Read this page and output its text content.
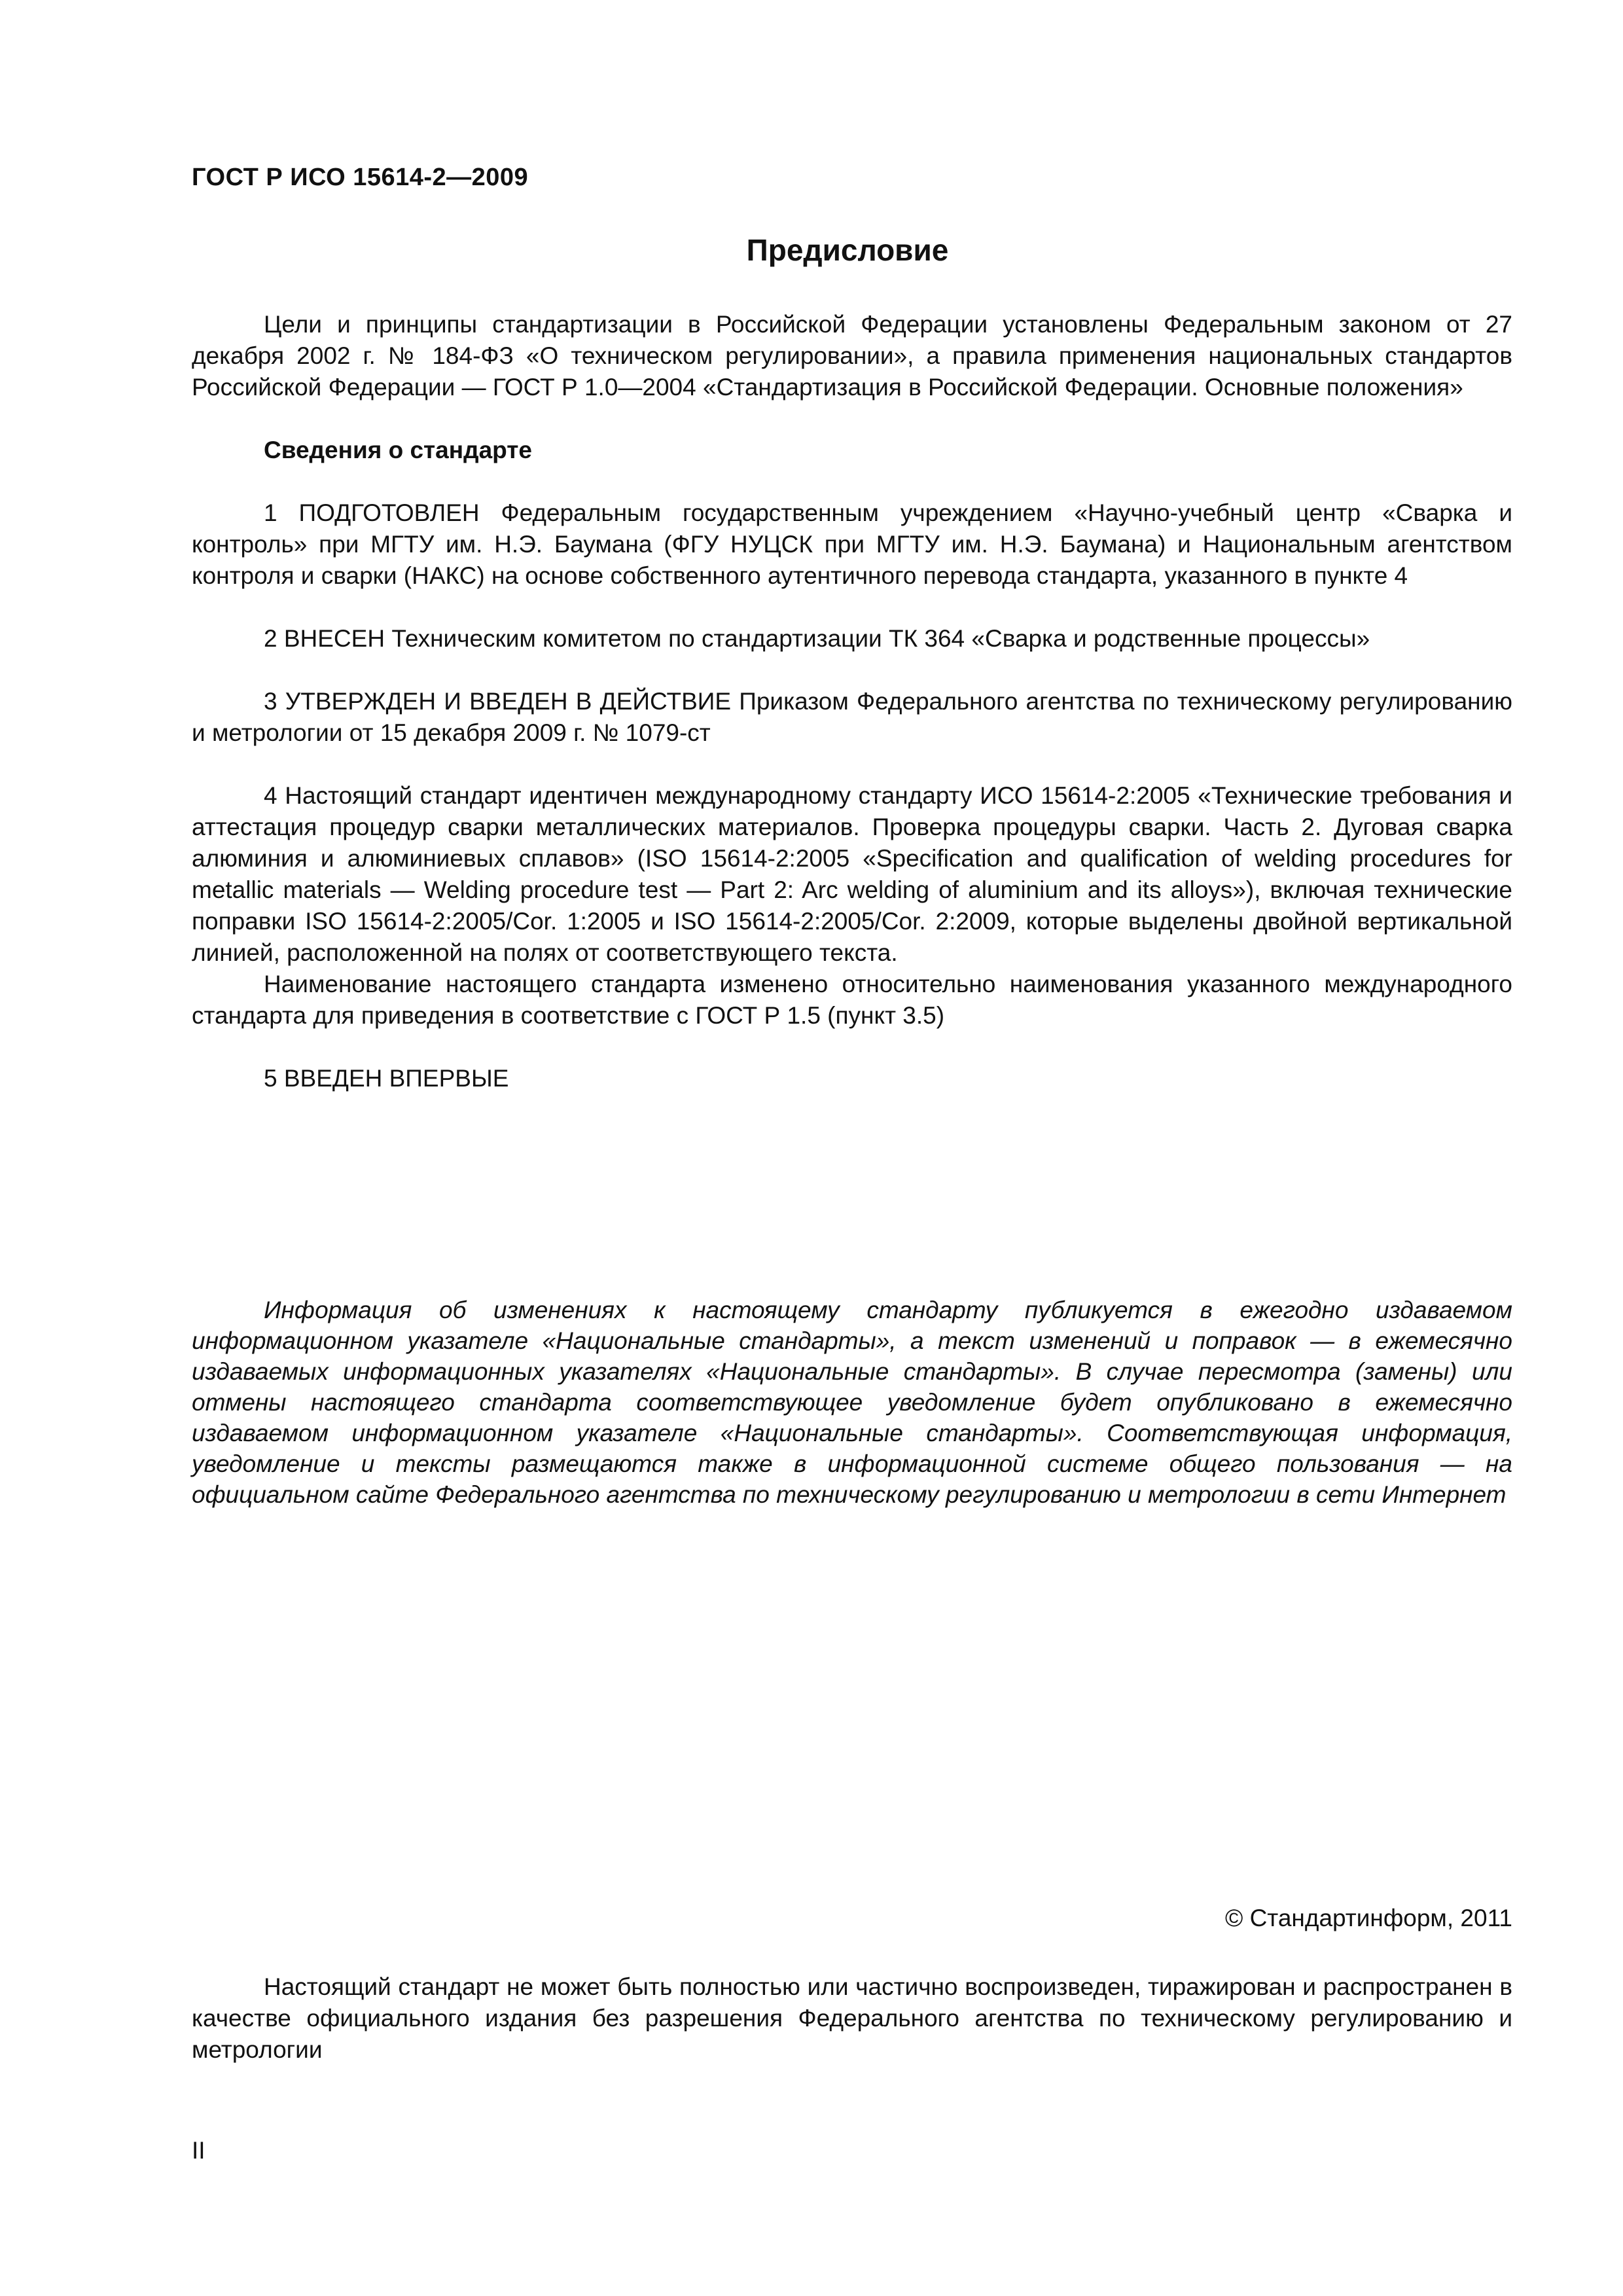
ГОСТ Р ИСО 15614-2—2009
Предисловие

Цели и принципы стандартизации в Российской Федерации установлены Федеральным законом от 27 декабря 2002 г. № 184-ФЗ «О техническом регулировании», а правила применения национальных стандартов Российской Федерации — ГОСТ Р 1.0—2004 «Стандартизация в Российской Федерации. Основные положения»

Сведения о стандарте

1 ПОДГОТОВЛЕН Федеральным государственным учреждением «Научно-учебный центр «Сварка и контроль» при МГТУ им. Н.Э. Баумана (ФГУ НУЦСК при МГТУ им. Н.Э. Баумана) и Национальным агентством контроля и сварки (НАКС) на основе собственного аутентичного перевода стандарта, указанного в пункте 4

2 ВНЕСЕН Техническим комитетом по стандартизации ТК 364 «Сварка и родственные процессы»

3 УТВЕРЖДЕН И ВВЕДЕН В ДЕЙСТВИЕ Приказом Федерального агентства по техническому регулированию и метрологии от 15 декабря 2009 г. № 1079-ст

4 Настоящий стандарт идентичен международному стандарту ИСО 15614-2:2005 «Технические требования и аттестация процедур сварки металлических материалов. Проверка процедуры сварки. Часть 2. Дуговая сварка алюминия и алюминиевых сплавов» (ISO 15614-2:2005 «Specification and qualification of welding procedures for metallic materials — Welding procedure test — Part 2: Arc welding of aluminium and its alloys»), включая технические поправки ISO 15614-2:2005/Cor. 1:2005 и ISO 15614-2:2005/Cor. 2:2009, которые выделены двойной вертикальной линией, расположенной на полях от соответствующего текста.

Наименование настоящего стандарта изменено относительно наименования указанного международного стандарта для приведения в соответствие с ГОСТ Р 1.5 (пункт 3.5)

5 ВВЕДЕН ВПЕРВЫЕ

Информация об изменениях к настоящему стандарту публикуется в ежегодно издаваемом информационном указателе «Национальные стандарты», а текст изменений и поправок — в ежемесячно издаваемых информационных указателях «Национальные стандарты». В случае пересмотра (замены) или отмены настоящего стандарта соответствующее уведомление будет опубликовано в ежемесячно издаваемом информационном указателе «Национальные стандарты». Соответствующая информация, уведомление и тексты размещаются также в информационной системе общего пользования — на официальном сайте Федерального агентства по техническому регулированию и метрологии в сети Интернет

© Стандартинформ, 2011

Настоящий стандарт не может быть полностью или частично воспроизведен, тиражирован и распространен в качестве официального издания без разрешения Федерального агентства по техническому регулированию и метрологии

II
